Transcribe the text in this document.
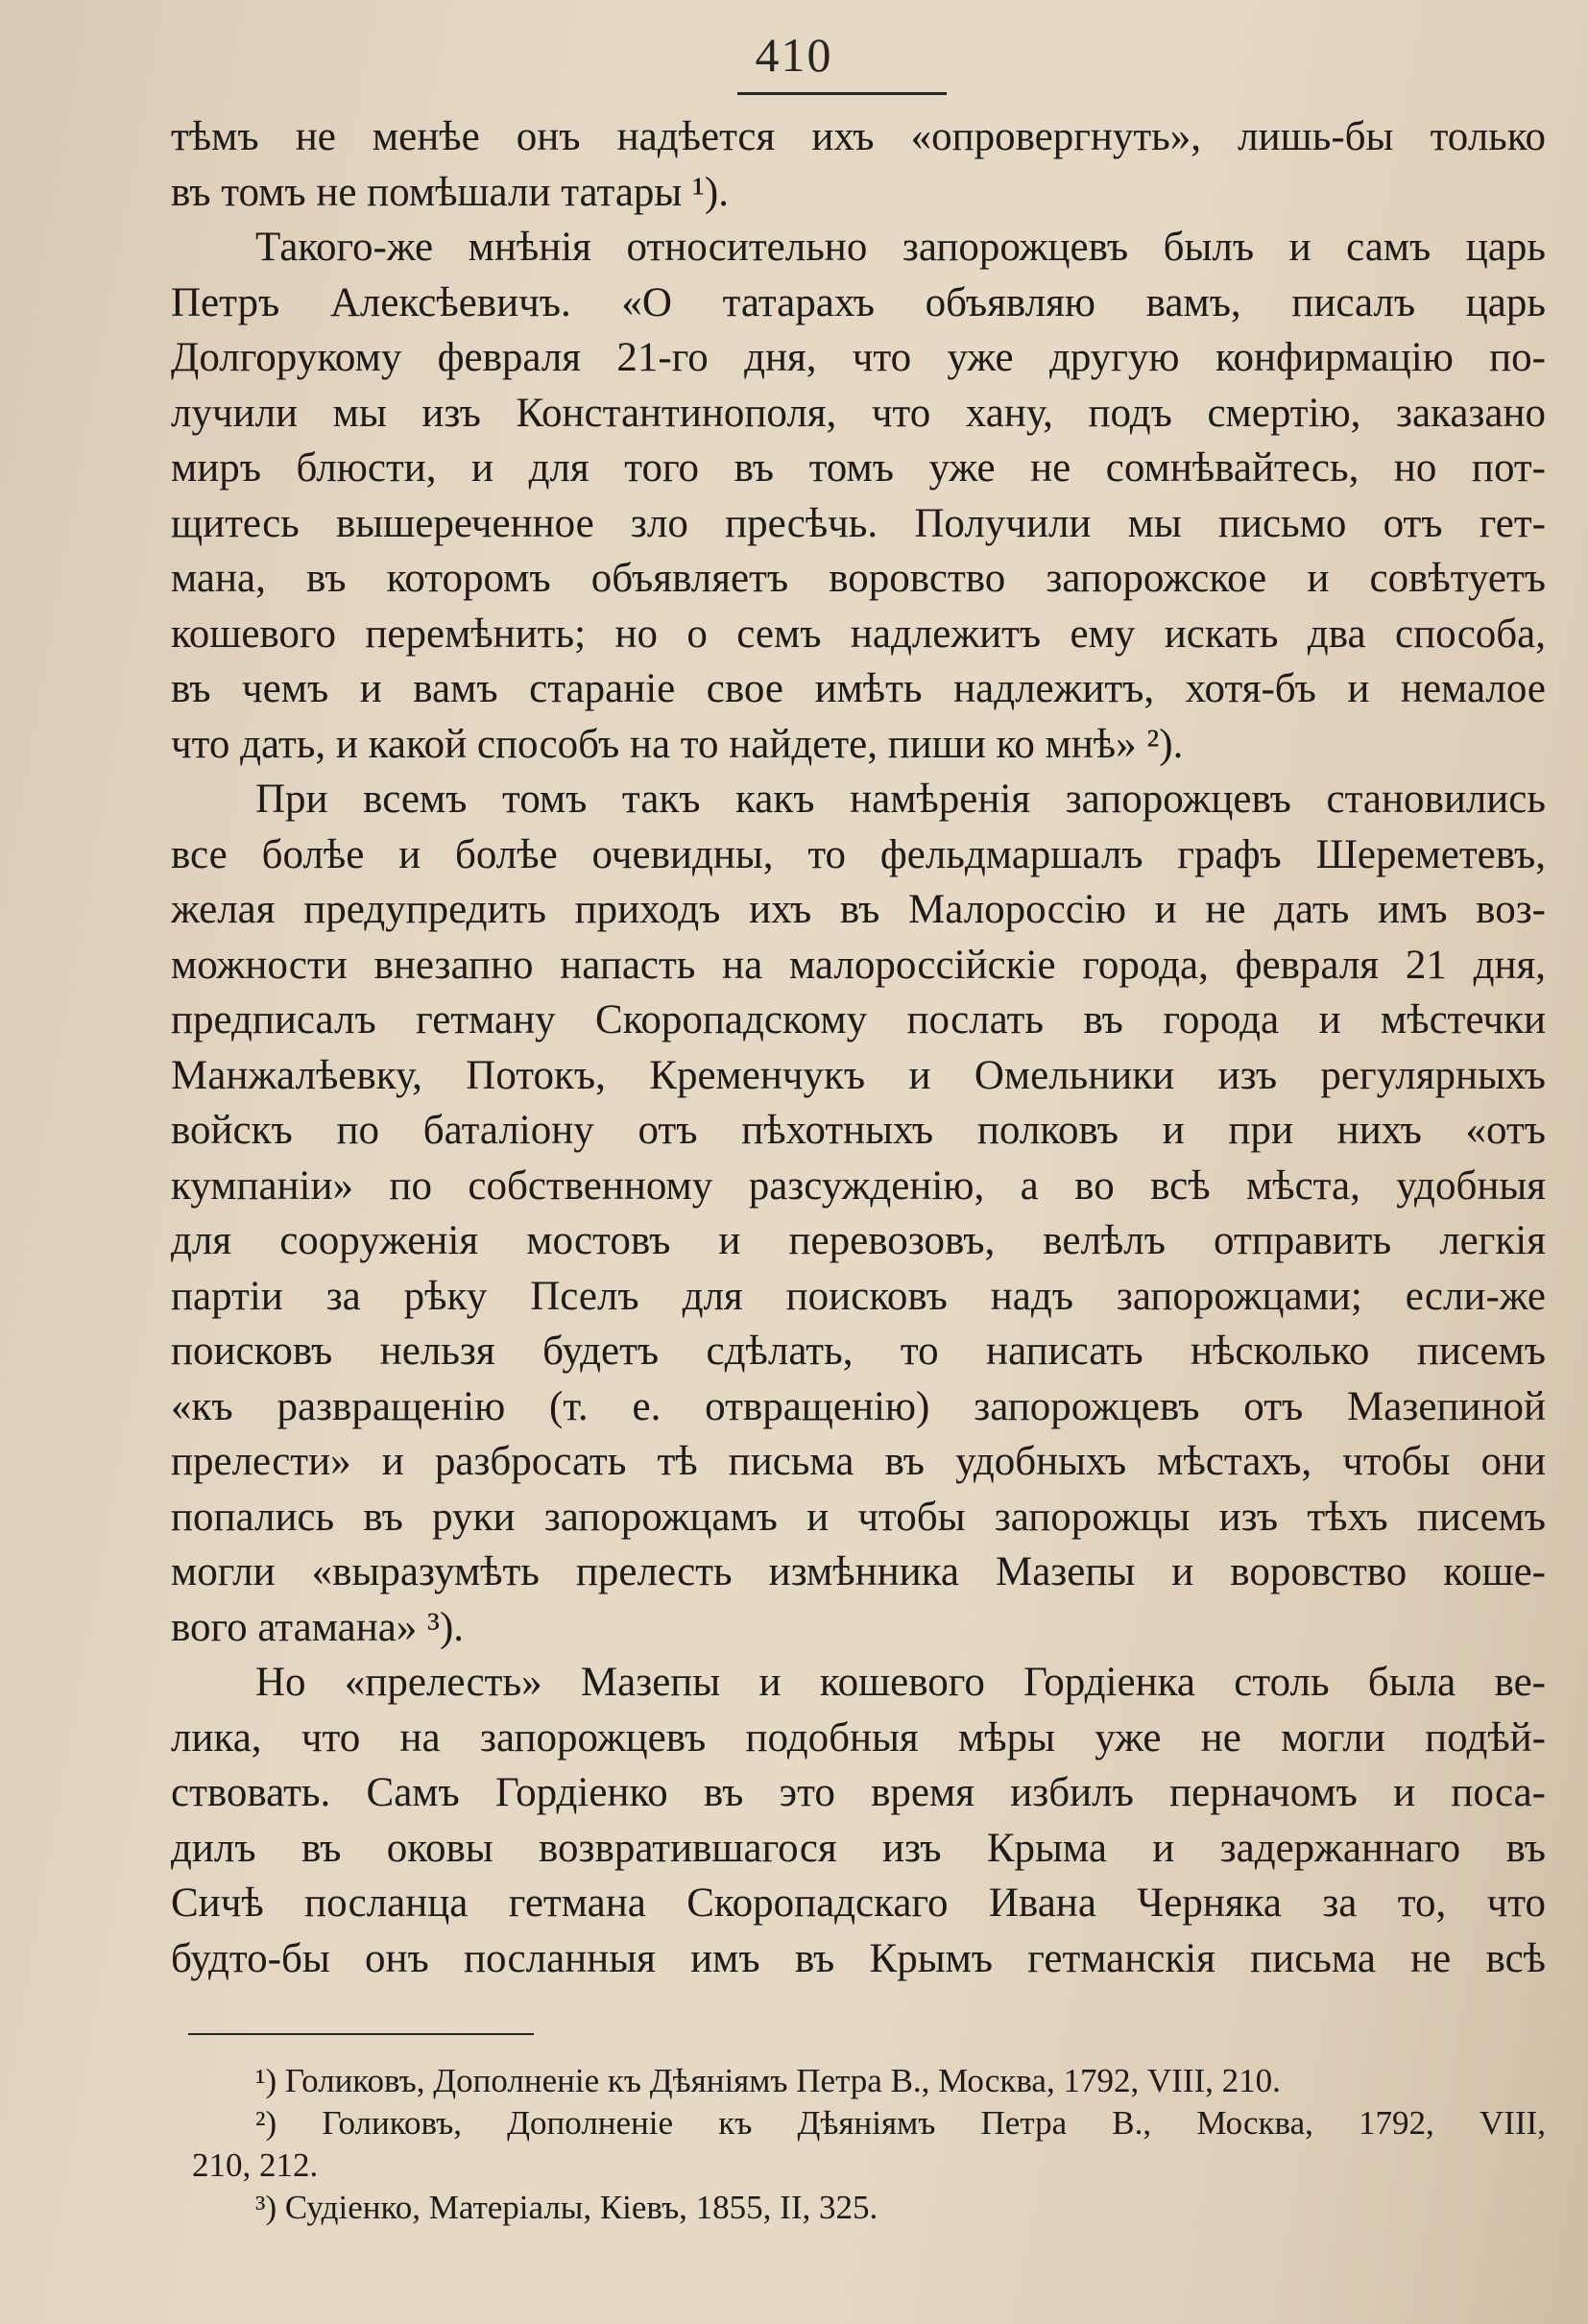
410
тѣмъ не менѣе онъ надѣется ихъ «опровергнуть», лишь-бы только
въ томъ не помѣшали татары ¹).
Такого-же мнѣнія относительно запорожцевъ былъ и самъ царь
Петръ Алексѣевичъ. «О татарахъ объявляю вамъ, писалъ царь
Долгорукому февраля 21-го дня, что уже другую конфирмацію по-
лучили мы изъ Константинополя, что хану, подъ смертію, заказано
миръ блюсти, и для того въ томъ уже не сомнѣвайтесь, но пот-
щитесь вышереченное зло пресѣчь. Получили мы письмо отъ гет-
мана, въ которомъ объявляетъ воровство запорожское и совѣтуетъ
кошевого перемѣнить; но о семъ надлежитъ ему искать два способа,
въ чемъ и вамъ стараніе свое имѣть надлежитъ, хотя-бъ и немалое
что дать, и какой способъ на то найдете, пиши ко мнѣ» ²).
При всемъ томъ такъ какъ намѣренія запорожцевъ становились
все болѣе и болѣе очевидны, то фельдмаршалъ графъ Шереметевъ,
желая предупредить приходъ ихъ въ Малороссію и не дать имъ воз-
можности внезапно напасть на малороссійскіе города, февраля 21 дня,
предписалъ гетману Скоропадскому послать въ города и мѣстечки
Манжалѣевку, Потокъ, Кременчукъ и Омельники изъ регулярныхъ
войскъ по баталіону отъ пѣхотныхъ полковъ и при нихъ «отъ
кумпаніи» по собственному разсужденію, а во всѣ мѣста, удобныя
для сооруженія мостовъ и перевозовъ, велѣлъ отправить легкія
партіи за рѣку Пселъ для поисковъ надъ запорожцами; если-же
поисковъ нельзя будетъ сдѣлать, то написать нѣсколько писемъ
«къ развращенію (т. е. отвращенію) запорожцевъ отъ Мазепиной
прелести» и разбросать тѣ письма въ удобныхъ мѣстахъ, чтобы они
попались въ руки запорожцамъ и чтобы запорожцы изъ тѣхъ писемъ
могли «выразумѣть прелесть измѣнника Мазепы и воровство коше-
вого атамана» ³).
Но «прелесть» Мазепы и кошевого Гордіенка столь была ве-
лика, что на запорожцевъ подобныя мѣры уже не могли подѣй-
ствовать. Самъ Гордіенко въ это время избилъ перначомъ и поса-
дилъ въ оковы возвратившагося изъ Крыма и задержаннаго въ
Сичѣ посланца гетмана Скоропадскаго Ивана Черняка за то, что
будто-бы онъ посланныя имъ въ Крымъ гетманскія письма не всѣ
¹) Голиковъ, Дополненіе къ Дѣяніямъ Петра В., Москва, 1792, VIII, 210.
²) Голиковъ, Дополненіе къ Дѣяніямъ Петра В., Москва, 1792, VIII,
210, 212.
³) Судіенко, Матеріалы, Кіевъ, 1855, II, 325.
